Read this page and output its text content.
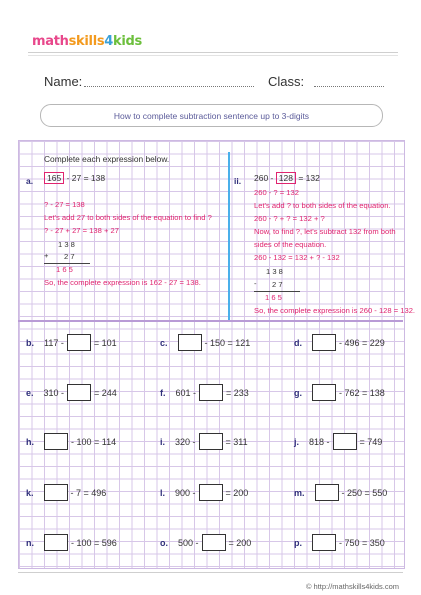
mathskills4kids
Name:	Class:
How to complete subtraction sentence up to 3-digits
Complete each expression below.
a.	165 - 27 = 138
? - 27 = 138
Let's add 27 to both sides of the equation to find ?
? - 27 + 27 = 138 + 27
1 3 8
+ 2 7
1 6 5
So, the complete expression is 162 - 27 = 138.
ii. 260 - 128 = 132
260 - ? = 132
Let's add ? to both sides of the equation.
260 - ? + ? = 132 + ?
Now, to find ?, let's subtract 132 from both
sides of the equation.
260 - 132 = 132 + ? - 132
1 3 8
- 2 7
1 6 5
So, the complete expression is 260 - 128 = 132.
b. 117 -	= 101	c.	- 150 = 121	d.	- 496 = 229
e. 310 -	= 244	f. 601 -	= 233	g.	- 762 = 138
h.	- 100 = 114	i. 320 -	= 311	j. 818 -	= 749
k.	- 7 = 496	l. 900 -	= 200	m.	- 250 = 550
n.	- 100 = 596	o. 500 -	= 200	p.	- 750 = 350
© http://mathskills4kids.com
